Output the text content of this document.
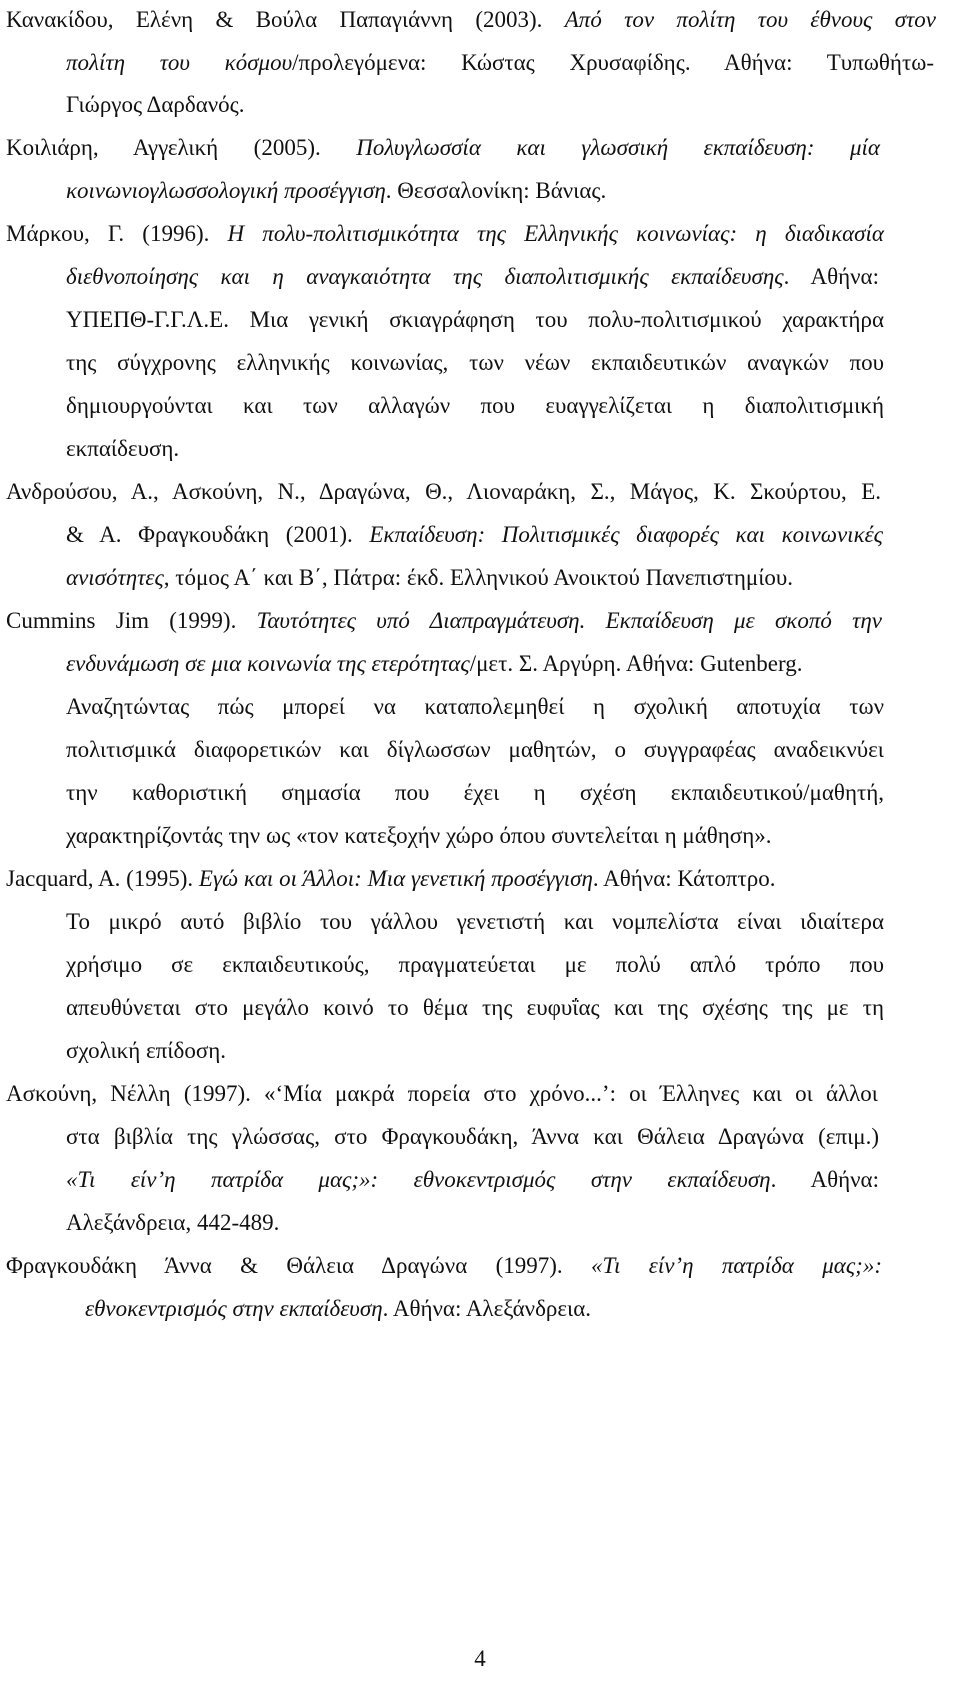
Κανακίδου, Ελένη & Βούλα Παπαγιάννη (2003). Από τον πολίτη του έθνους στον
πολίτη του κόσμου/προλεγόμενα: Κώστας Χρυσαφίδης. Αθήνα: Τυπωθήτω-
Γιώργος Δαρδανός.
Κοιλιάρη, Αγγελική (2005). Πολυγλωσσία και γλωσσική εκπαίδευση: μία
κοινωνιογλωσσολογική προσέγγιση. Θεσσαλονίκη: Βάνιας.
Μάρκου, Γ. (1996). Η πολυ-πολιτισμικότητα της Ελληνικής κοινωνίας: η διαδικασία
διεθνοποίησης και η αναγκαιότητα της διαπολιτισμικής εκπαίδευσης. Αθήνα:
ΥΠΕΠΘ-Γ.Γ.Λ.Ε. Μια γενική σκιαγράφηση του πολυ-πολιτισμικού χαρακτήρα
της σύγχρονης ελληνικής κοινωνίας, των νέων εκπαιδευτικών αναγκών που
δημιουργούνται και των αλλαγών που ευαγγελίζεται η διαπολιτισμική
εκπαίδευση.
Ανδρούσου, Α., Ασκούνη, Ν., Δραγώνα, Θ., Λιοναράκη, Σ., Μάγος, Κ. Σκούρτου, Ε.
& Α. Φραγκουδάκη (2001). Εκπαίδευση: Πολιτισμικές διαφορές και κοινωνικές
ανισότητες, τόμος Α΄ και Β΄, Πάτρα: έκδ. Ελληνικού Ανοικτού Πανεπιστημίου.
Cummins Jim (1999). Ταυτότητες υπό Διαπραγμάτευση. Εκπαίδευση με σκοπό την
ενδυνάμωση σε μια κοινωνία της ετερότητας/μετ. Σ. Αργύρη. Αθήνα: Gutenberg.
Αναζητώντας πώς μπορεί να καταπολεμηθεί η σχολική αποτυχία των
πολιτισμικά διαφορετικών και δίγλωσσων μαθητών, ο συγγραφέας αναδεικνύει
την καθοριστική σημασία που έχει η σχέση εκπαιδευτικού/μαθητή,
χαρακτηρίζοντάς την ως «τον κατεξοχήν χώρο όπου συντελείται η μάθηση».
Jacquard, A. (1995). Εγώ και οι Άλλοι: Μια γενετική προσέγγιση. Αθήνα: Κάτοπτρο.
Το μικρό αυτό βιβλίο του γάλλου γενετιστή και νομπελίστα είναι ιδιαίτερα
χρήσιμο σε εκπαιδευτικούς, πραγματεύεται με πολύ απλό τρόπο που
απευθύνεται στο μεγάλο κοινό το θέμα της ευφυΐας και της σχέσης της με τη
σχολική επίδοση.
Ασκούνη, Νέλλη (1997). «‘Μία μακρά πορεία στο χρόνο...’: οι Έλληνες και οι άλλοι
στα βιβλία της γλώσσας, στο Φραγκουδάκη, Άννα και Θάλεια Δραγώνα (επιμ.)
«Τι είν’η πατρίδα μας;»: εθνοκεντρισμός στην εκπαίδευση. Αθήνα:
Αλεξάνδρεια, 442-489.
Φραγκουδάκη Άννα & Θάλεια Δραγώνα (1997). «Τι είν’η πατρίδα μας;»:
εθνοκεντρισμός στην εκπαίδευση. Αθήνα: Αλεξάνδρεια.
4
